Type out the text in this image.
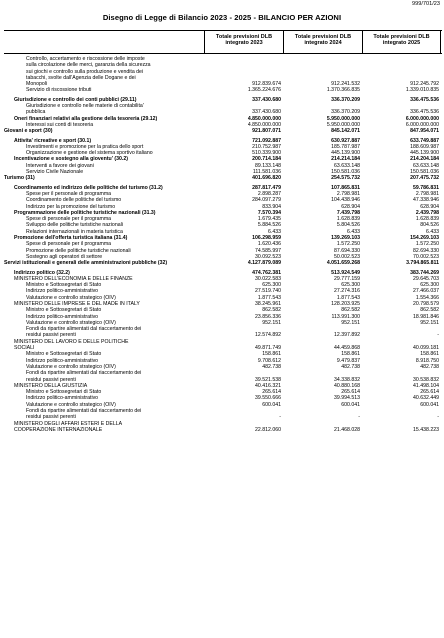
999/701/23
Disegno di Legge di Bilancio 2023 - 2025 - BILANCIO PER AZIONI
Totale previsioni DLB
integrato 2023
Totale previsioni DLB
integrato 2024
Totale previsioni DLB
integrato 2025
Controllo, accertamento e riscossione delle imposte
sulla circolazione delle merci, garanzia della sicurezza
sui giochi e controllo sulla produzione e vendita dei
tabacchi, svolte dall'Agenzia delle Dogane e dei
Monopoli	912.839.674	912.241.532	912.245.792
Servizio di riscossione tributi	1.365.224.676	1.370.366.835	1.339.010.835
Giurisdizione e controllo dei conti pubblici (29.11)	337.430.680	336.370.209	336.475.536
Giurisdizione e controllo nelle materie di contabilita'
pubblica	337.430.680	336.370.209	336.475.536
Oneri finanziari relativi alla gestione della tesoreria (29.12)	4.850.000.000	5.950.000.000	6.000.000.000
Interessi sui conti di tesoreria	4.850.000.000	5.950.000.000	6.000.000.000
Giovani e sport (30)	921.807.071	845.142.071	847.954.071
Attivita' ricreative e sport (30.1)	721.092.887	630.927.887	633.749.887
Investimenti e promozione per la pratica dello sport	210.752.987	185.787.987	188.609.987
Organizzazione e gestione del sistema sportivo italiano	510.339.900	445.139.900	445.139.900
Incentivazione e sostegno alla gioventu' (30.2)	200.714.184	214.214.184	214.204.184
Interventi a favore dei giovani	89.133.148	63.633.148	63.633.148
Servizio Civile Nazionale	111.581.036	150.581.036	150.581.036
Turismo (31)	401.696.820	254.575.732	207.475.732
Coordinamento ed indirizzo delle politiche del turismo (31.2)	287.817.479	107.865.831	59.786.831
Spese per il personale di programma	2.898.287	2.798.981	2.798.981
Coordinamento delle politiche del turismo	284.097.279	104.438.946	47.338.946
Indirizzo per la promozione del turismo	833.904	628.904	628.904
Programmazione delle politiche turistiche nazionali (31.3)	7.570.394	7.439.798	2.439.798
Spese di personale per il programma	1.679.435	1.628.839	1.628.839
Sviluppo delle politiche turistiche nazionali	5.884.526	5.804.526	804.526
Relazioni internazionali in materia turistica	6.433	6.433	6.433
Promozione dell'offerta turistica italiana (31.4)	106.298.959	139.269.103	154.269.103
Spese di personale per il programma	1.620.436	1.572.250	1.572.250
Promozione delle politiche turistiche nazionali	74.585.997	87.694.330	82.694.330
Sostegno agli operatori di settore	30.092.523	50.002.523	70.002.523
Servizi istituzionali e generali delle amministrazioni pubbliche (32)	4.127.879.089	4.051.659.268	3.794.865.811
Indirizzo politico (32.2)	474.762.381	513.924.549	383.744.269
MINISTERO DELL'ECONOMIA E DELLE FINANZE	30.022.583	29.777.159	29.645.703
Ministro e Sottosegretari di Stato	625.300	625.300	625.300
Indirizzo politico-amministrativo	27.519.740	27.274.316	27.466.037
Valutazione e controllo strategico (OIV)	1.877.543	1.877.543	1.554.366
MINISTERO DELLE IMPRESE E DEL MADE IN ITALY	38.245.961	128.203.925	20.798.579
Ministro e Sottosegretari di Stato	862.582	862.582	862.582
Indirizzo politico-amministrativo	23.856.336	113.991.300	18.981.846
Valutazione e controllo strategico (OIV)	952.151	952.151	952.151
Fondi da ripartire alimentati dal riaccertamento dei
residui passivi perenti	12.574.892	12.397.892	-
MINISTERO DEL LAVORO E DELLE POLITICHE
SOCIALI	49.871.749	44.459.868	40.099.181
Ministro e Sottosegretari di Stato	158.861	158.861	158.861
Indirizzo politico-amministrativo	9.708.612	9.479.837	8.918.750
Valutazione e controllo strategico (OIV)	482.738	482.738	482.738
Fondi da ripartire alimentati dal riaccertamento dei
residui passivi perenti	39.521.538	34.338.832	30.538.832
MINISTERO DELLA GIUSTIZIA	40.416.321	40.880.168	41.498.104
Ministro e Sottosegretari di Stato	265.614	265.614	265.614
Indirizzo politico-amministrativo	39.550.666	39.994.513	40.632.449
Valutazione e controllo strategico (OIV)	600.041	600.041	600.041
Fondi da ripartire alimentati dal riaccertamento dei
residui passivi perenti	-	-	-
MINISTERO DEGLI AFFARI ESTERI E DELLA
COOPERAZIONE INTERNAZIONALE	22.812.060	21.468.028	15.438.223
